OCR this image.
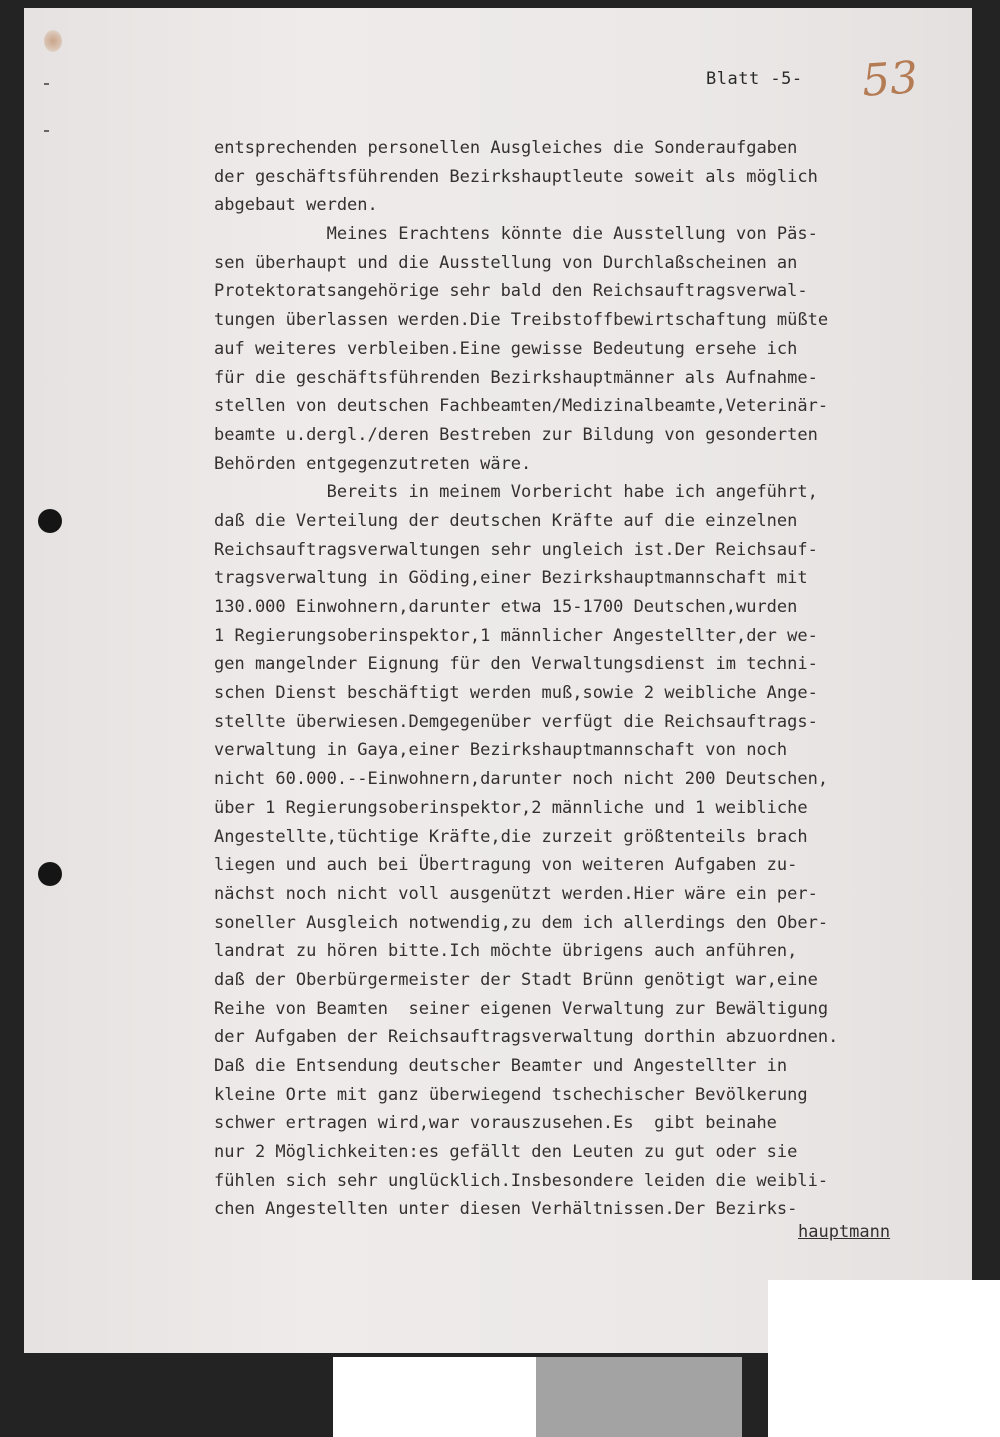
Blatt -5- 53
entsprechenden personellen Ausgleiches die Sonderaufgaben
der geschäftsführenden Bezirkshauptleute soweit als möglich
abgebaut werden.
Meines Erachtens könnte die Ausstellung von Päs-
sen überhaupt und die Ausstellung von Durchlaßscheinen an
Protektoratsangehörige sehr bald den Reichsauftragsverwal-
tungen überlassen werden.Die Treibstoffbewirtschaftung müßte
auf weiteres verbleiben.Eine gewisse Bedeutung ersehe ich
für die geschäftsführenden Bezirkshauptmänner als Aufnahme-
stellen von deutschen Fachbeamten/Medizinalbeamte,Veterinär-
beamte u.dergl./deren Bestreben zur Bildung von gesonderten
Behörden entgegenzutreten wäre.
Bereits in meinem Vorbericht habe ich angeführt,
daß die Verteilung der deutschen Kräfte auf die einzelnen
Reichsauftragsverwaltungen sehr ungleich ist.Der Reichsauf-
tragsverwaltung in Göding,einer Bezirkshauptmannschaft mit
130.000 Einwohnern,darunter etwa 15-1700 Deutschen,wurden
1 Regierungsoberinspektor,1 männlicher Angestellter,der we-
gen mangelnder Eignung für den Verwaltungsdienst im techni-
schen Dienst beschäftigt werden muß,sowie 2 weibliche Ange-
stellte überwiesen.Demgegenüber verfügt die Reichsauftrags-
verwaltung in Gaya,einer Bezirkshauptmannschaft von noch
nicht 60.000.--Einwohnern,darunter noch nicht 200 Deutschen,
über 1 Regierungsoberinspektor,2 männliche und 1 weibliche
Angestellte,tüchtige Kräfte,die zurzeit größtenteils brach
liegen und auch bei Übertragung von weiteren Aufgaben zu-
nächst noch nicht voll ausgenützt werden.Hier wäre ein per-
soneller Ausgleich notwendig,zu dem ich allerdings den Ober-
landrat zu hören bitte.Ich möchte übrigens auch anführen,
daß der Oberbürgermeister der Stadt Brünn genötigt war,eine
Reihe von Beamten  seiner eigenen Verwaltung zur Bewältigung
der Aufgaben der Reichsauftragsverwaltung dorthin abzuordnen.
Daß die Entsendung deutscher Beamter und Angestellter in
kleine Orte mit ganz überwiegend tschechischer Bevölkerung
schwer ertragen wird,war vorauszusehen.Es  gibt beinahe
nur 2 Möglichkeiten:es gefällt den Leuten zu gut oder sie
fühlen sich sehr unglücklich.Insbesondere leiden die weibli-
chen Angestellten unter diesen Verhältnissen.Der Bezirks-
hauptmann
